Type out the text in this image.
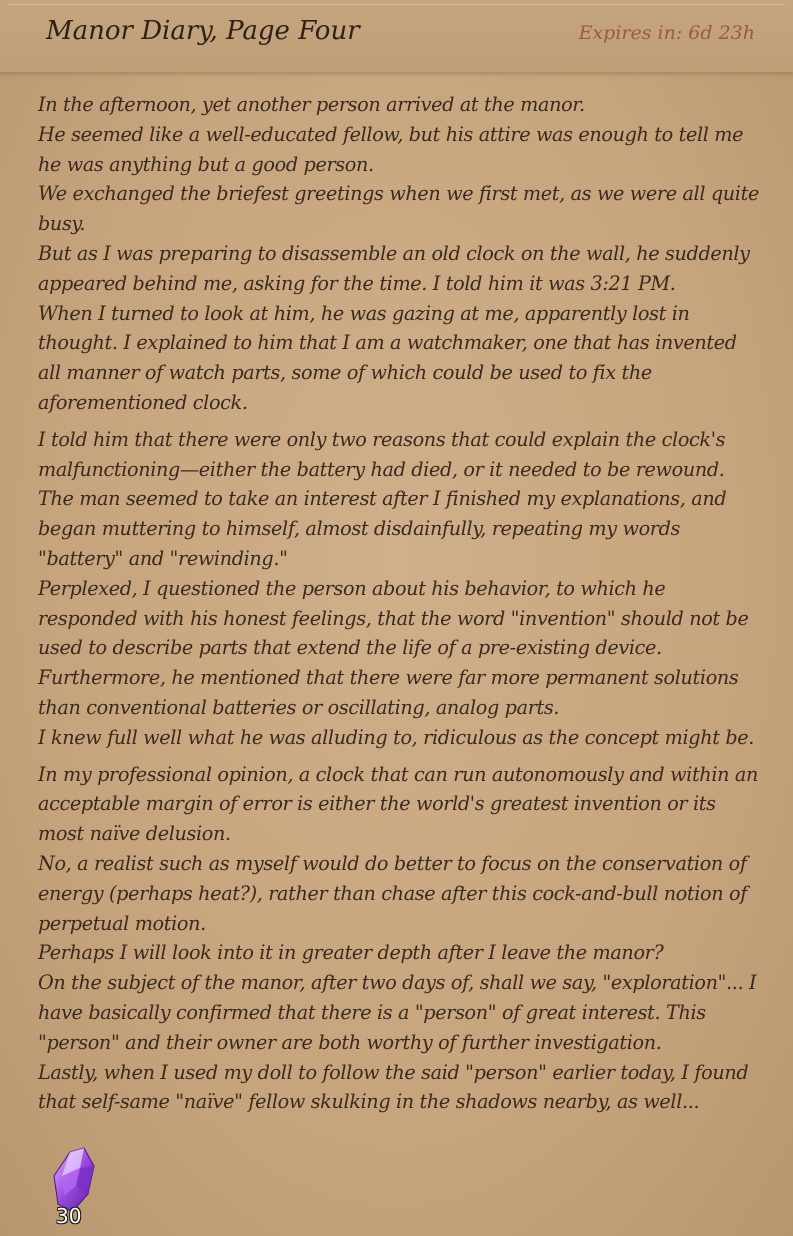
Manor Diary, Page Four	Expires in: 6d 23h

In the afternoon, yet another person arrived at the manor.

He seemed like a well-educated fellow, but his attire was enough to tell me he was anything but a good person.

We exchanged the briefest greetings when we first met, as we were all quite busy.

But as I was preparing to disassemble an old clock on the wall, he suddenly appeared behind me, asking for the time. I told him it was 3:21 PM.

When I turned to look at him, he was gazing at me, apparently lost in thought. I explained to him that I am a watchmaker, one that has invented all manner of watch parts, some of which could be used to fix the aforementioned clock.

I told him that there were only two reasons that could explain the clock's malfunctioning—either the battery had died, or it needed to be rewound.

The man seemed to take an interest after I finished my explanations, and began muttering to himself, almost disdainfully, repeating my words "battery" and "rewinding."

Perplexed, I questioned the person about his behavior, to which he responded with his honest feelings, that the word "invention" should not be used to describe parts that extend the life of a pre-existing device.

Furthermore, he mentioned that there were far more permanent solutions than conventional batteries or oscillating, analog parts.

I knew full well what he was alluding to, ridiculous as the concept might be.

In my professional opinion, a clock that can run autonomously and within an acceptable margin of error is either the world's greatest invention or its most naïve delusion.

No, a realist such as myself would do better to focus on the conservation of energy (perhaps heat?), rather than chase after this cock-and-bull notion of perpetual motion.

Perhaps I will look into it in greater depth after I leave the manor?

On the subject of the manor, after two days of, shall we say, "exploration"... I have basically confirmed that there is a "person" of great interest. This "person" and their owner are both worthy of further investigation.

Lastly, when I used my doll to follow the said "person" earlier today, I found that self-same "naïve" fellow skulking in the shadows nearby, as well...

30
